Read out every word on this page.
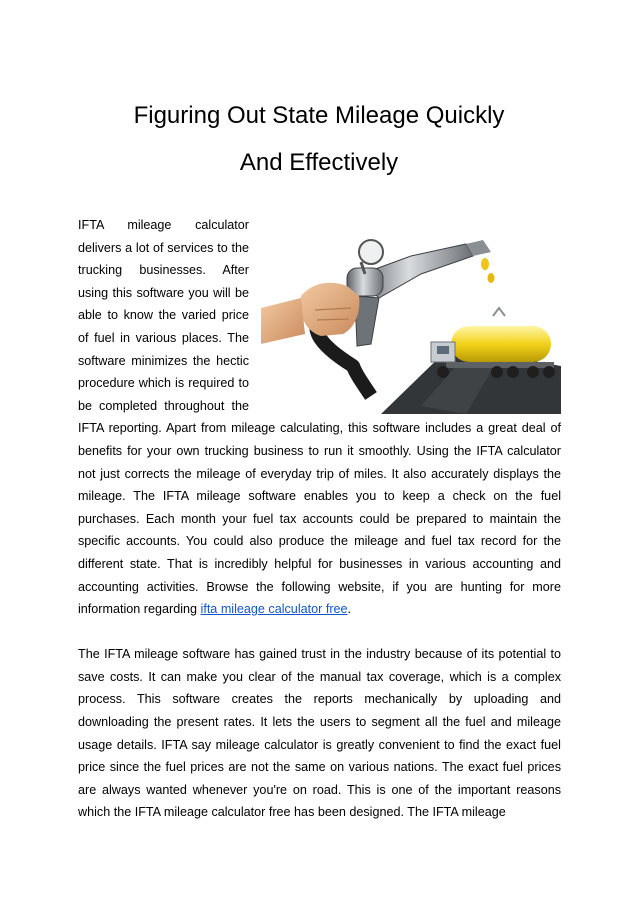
Figuring Out State Mileage Quickly
And Effectively

IFTA mileage calculator delivers a lot of services to the trucking businesses. After using this software you will be able to know the varied price of fuel in various places. The software minimizes the hectic procedure which is required to be completed throughout the IFTA reporting. Apart from mileage calculating, this software includes a great deal of benefits for your own trucking business to run it smoothly. Using the IFTA calculator not just corrects the mileage of everyday trip of miles. It also accurately displays the mileage. The IFTA mileage software enables you to keep a check on the fuel purchases. Each month your fuel tax accounts could be prepared to maintain the specific accounts. You could also produce the mileage and fuel tax record for the different state. That is incredibly helpful for businesses in various accounting and accounting activities. Browse the following website, if you are hunting for more information regarding ifta mileage calculator free.

The IFTA mileage software has gained trust in the industry because of its potential to save costs. It can make you clear of the manual tax coverage, which is a complex process. This software creates the reports mechanically by uploading and downloading the present rates. It lets the users to segment all the fuel and mileage usage details. IFTA say mileage calculator is greatly convenient to find the exact fuel price since the fuel prices are not the same on various nations. The exact fuel prices are always wanted whenever you're on road. This is one of the important reasons which the IFTA mileage calculator free has been designed. The IFTA mileage
